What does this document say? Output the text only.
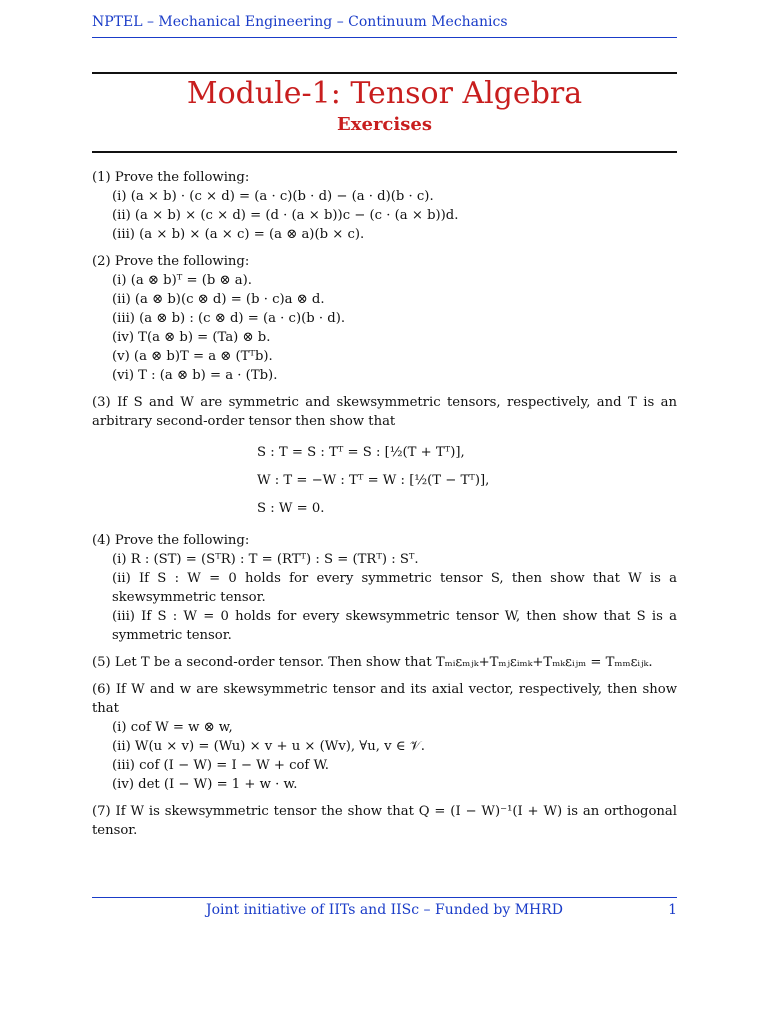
NPTEL – Mechanical Engineering – Continuum Mechanics
Module-1: Tensor Algebra
Exercises
(1) Prove the following:
(i) (a × b) · (c × d) = (a · c)(b · d) − (a · d)(b · c).
(ii) (a × b) × (c × d) = (d · (a × b))c − (c · (a × b))d.
(iii) (a × b) × (a × c) = (a ⊗ a)(b × c).
(2) Prove the following:
(i) (a ⊗ b)ᵀ = (b ⊗ a).
(ii) (a ⊗ b)(c ⊗ d) = (b · c)a ⊗ d.
(iii) (a ⊗ b) : (c ⊗ d) = (a · c)(b · d).
(iv) T(a ⊗ b) = (Ta) ⊗ b.
(v) (a ⊗ b)T = a ⊗ (Tᵀb).
(vi) T : (a ⊗ b) = a · (Tb).
(3) If S and W are symmetric and skewsymmetric tensors, respectively, and T is an arbitrary second-order tensor then show that
S : T = S : Tᵀ = S : [½(T + Tᵀ)],
W : T = −W : Tᵀ = W : [½(T − Tᵀ)],
S : W = 0.
(4) Prove the following:
(i) R : (ST) = (SᵀR) : T = (RTᵀ) : S = (TRᵀ) : Sᵀ.
(ii) If S : W = 0 holds for every symmetric tensor S, then show that W is a skewsymmetric tensor.
(iii) If S : W = 0 holds for every skewsymmetric tensor W, then show that S is a symmetric tensor.
(5) Let T be a second-order tensor. Then show that Tₘᵢεₘⱼₖ+Tₘⱼεᵢₘₖ+Tₘₖεᵢⱼₘ = Tₘₘεᵢⱼₖ.
(6) If W and w are skewsymmetric tensor and its axial vector, respectively, then show that
(i) cof W = w ⊗ w,
(ii) W(u × v) = (Wu) × v + u × (Wv), ∀u, v ∈ 𝒱.
(iii) cof (I − W) = I − W + cof W.
(iv) det (I − W) = 1 + w · w.
(7) If W is skewsymmetric tensor the show that Q = (I − W)⁻¹(I + W) is an orthogonal tensor.
Joint initiative of IITs and IISc – Funded by MHRD	1
